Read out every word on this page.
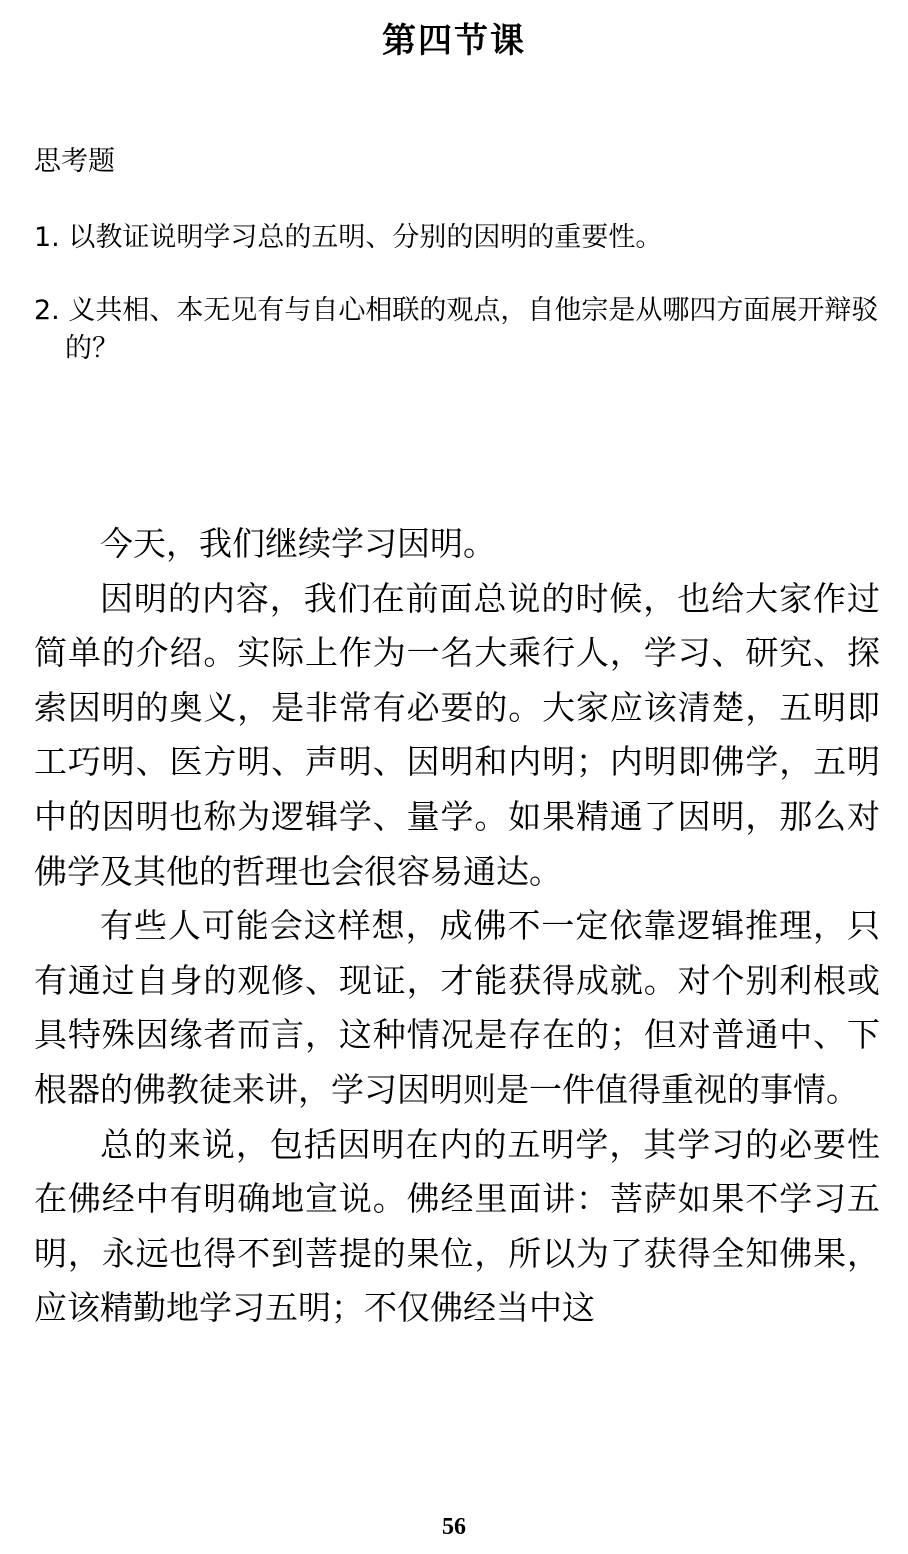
第四节课
思考题
1. 以教证说明学习总的五明、分别的因明的重要性。
2. 义共相、本无见有与自心相联的观点，自他宗是从哪四方面展开辩驳的？

今天，我们继续学习因明。

因明的内容，我们在前面总说的时候，也给大家作过简单的介绍。实际上作为一名大乘行人，学习、研究、探索因明的奥义，是非常有必要的。大家应该清楚，五明即工巧明、医方明、声明、因明和内明；内明即佛学，五明中的因明也称为逻辑学、量学。如果精通了因明，那么对佛学及其他的哲理也会很容易通达。

有些人可能会这样想，成佛不一定依靠逻辑推理，只有通过自身的观修、现证，才能获得成就。对个别利根或具特殊因缘者而言，这种情况是存在的；但对普通中、下根器的佛教徒来讲，学习因明则是一件值得重视的事情。

总的来说，包括因明在内的五明学，其学习的必要性在佛经中有明确地宣说。佛经里面讲：菩萨如果不学习五明，永远也得不到菩提的果位，所以为了获得全知佛果，应该精勤地学习五明；不仅佛经当中这

56
